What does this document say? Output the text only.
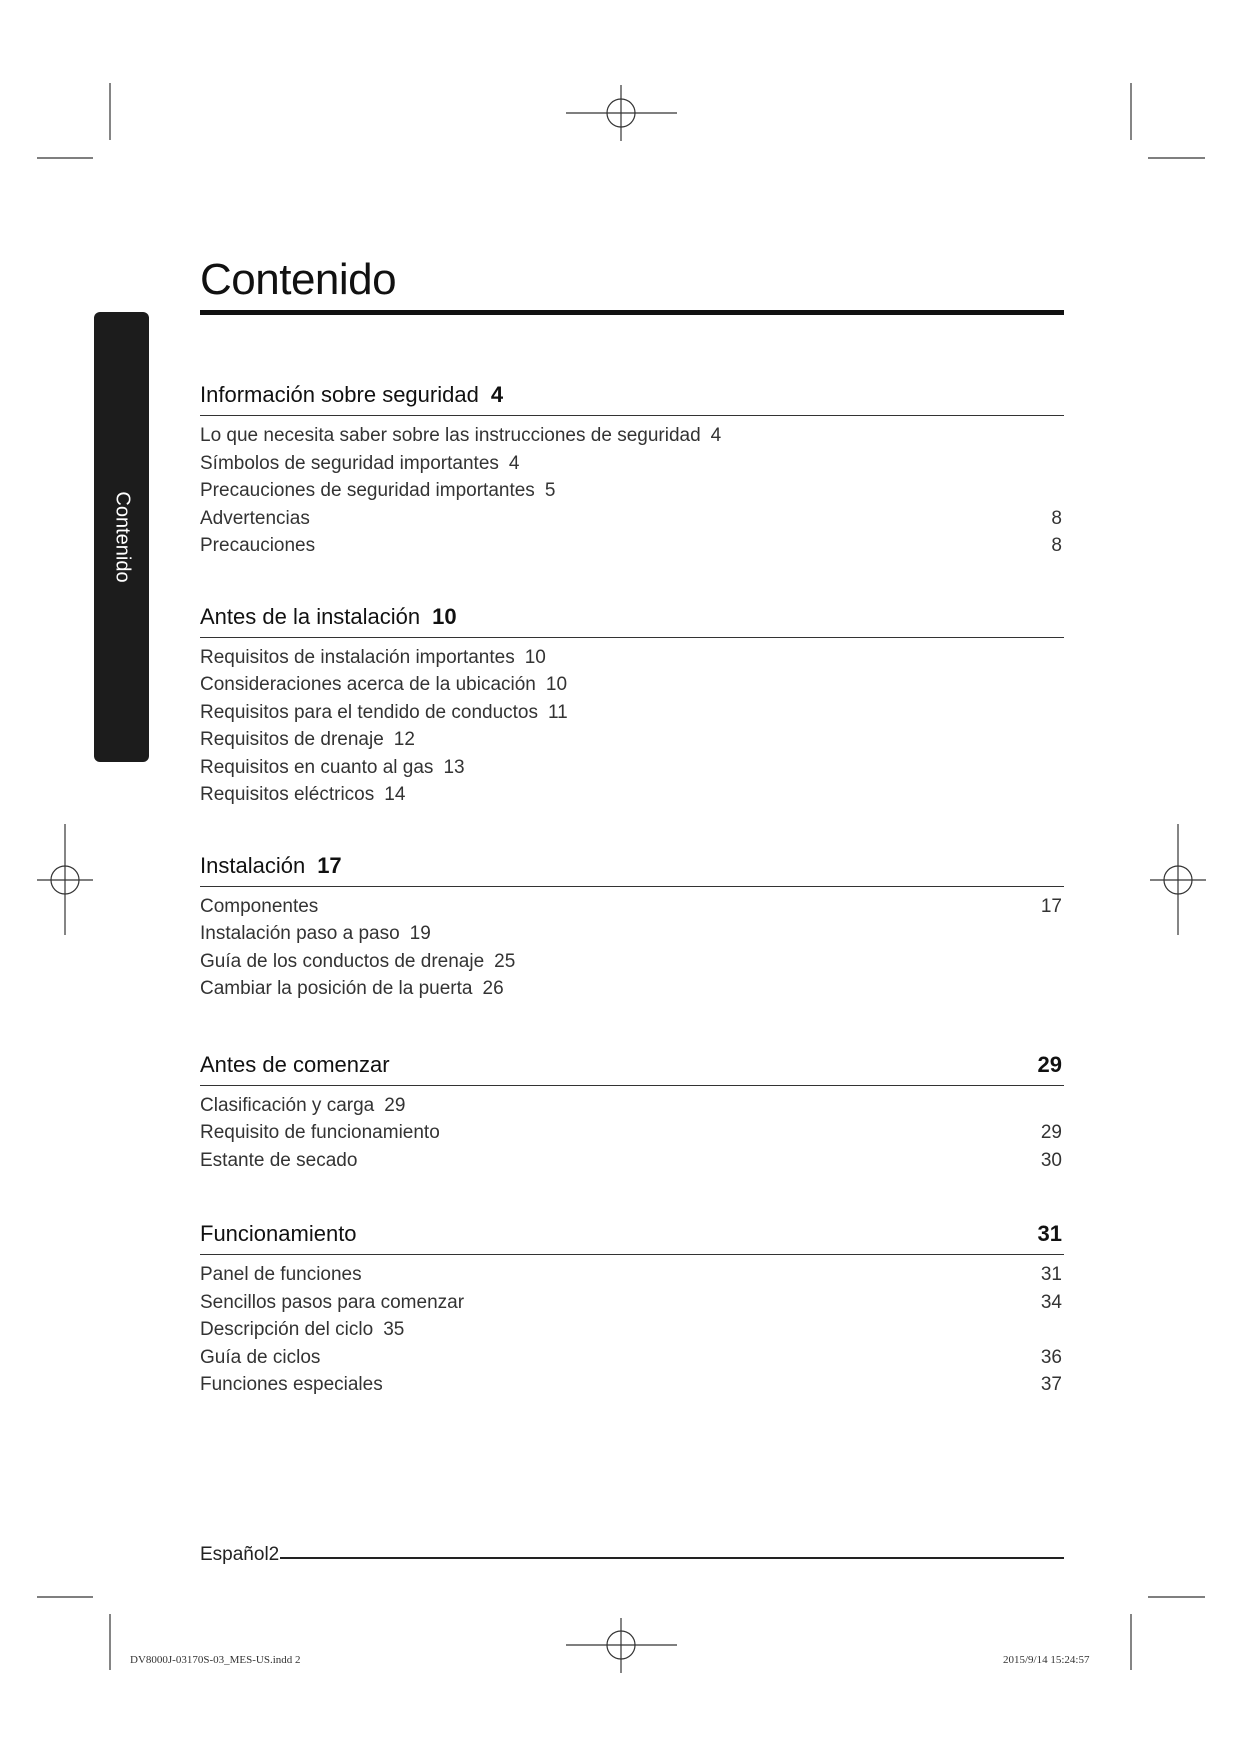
Contenido
Contenido
Información sobre seguridad 4
Lo que necesita saber sobre las instrucciones de seguridad 4
Símbolos de seguridad importantes 4
Precauciones de seguridad importantes 5
Advertencias	8
Precauciones	8
Antes de la instalación 10
Requisitos de instalación importantes 10
Consideraciones acerca de la ubicación 10
Requisitos para el tendido de conductos 11
Requisitos de drenaje 12
Requisitos en cuanto al gas 13
Requisitos eléctricos 14
Instalación 17
Componentes	17
Instalación paso a paso 19
Guía de los conductos de drenaje 25
Cambiar la posición de la puerta 26
Antes de comenzar	29
Clasificación y carga 29
Requisito de funcionamiento	29
Estante de secado	30
Funcionamiento	31
Panel de funciones	31
Sencillos pasos para comenzar	34
Descripción del ciclo 35
Guía de ciclos	36
Funciones especiales	37
Español2
DV8000J-03170S-03_MES-US.indd 2	2015/9/14 15:24:57
